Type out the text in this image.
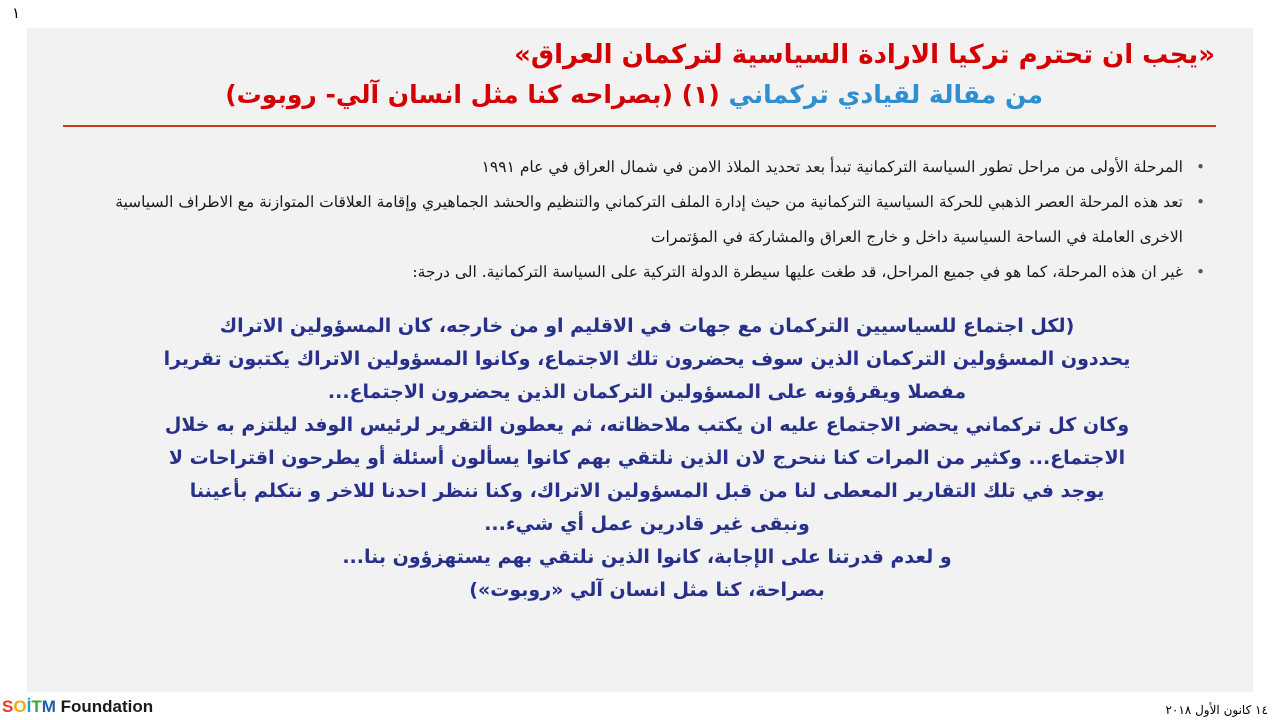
١
«يجب ان تحترم تركيا الارادة السياسية لتركمان العراق»
من مقالة لقيادي تركماني (١) (بصراحه كنا مثل انسان آلي- روبوت)
•
المرحلة الأولى من مراحل تطور السياسة التركمانية تبدأ بعد تحديد الملاذ الامن في شمال العراق في عام ١٩٩١
•
تعد هذه المرحلة العصر الذهبي للحركة السياسية التركمانية من حيث إدارة الملف التركماني والتنظيم والحشد الجماهيري وإقامة العلاقات المتوازنة مع الاطراف السياسية الاخرى العاملة في الساحة السياسية داخل و خارج العراق والمشاركة في المؤتمرات
•
غير ان هذه المرحلة، كما هو في جميع المراحل، قد طغت عليها سيطرة الدولة التركية على السياسة التركمانية. الى درجة:
(لكل اجتماع للسياسيين التركمان مع جهات في الاقليم او من خارجه، كان المسؤولين الاتراك
يحددون المسؤولين التركمان الذين سوف يحضرون تلك الاجتماع، وكانوا المسؤولين الاتراك يكتبون تقريرا
مفصلا ويقرؤونه على المسؤولين التركمان الذين يحضرون الاجتماع...
وكان كل تركماني يحضر الاجتماع عليه ان يكتب ملاحظاته، ثم يعطون التقرير لرئيس الوفد ليلتزم به خلال
الاجتماع... وكثير من المرات كنا ننحرج لان الذين نلتقي بهم كانوا يسألون أسئلة أو يطرحون اقتراحات لا
يوجد في تلك التقارير المعطى لنا من قبل المسؤولين الاتراك، وكنا ننظر احدنا للاخر و نتكلم بأعيننا
ونبقى غير قادرين عمل أي شيء...
و لعدم قدرتنا على الإجابة، كانوا الذين نلتقي بهم يستهزؤون بنا...
بصراحة، كنا مثل انسان آلي «روبوت»)
SOİTM Foundation	١٤ كانون الأول ٢٠١٨
